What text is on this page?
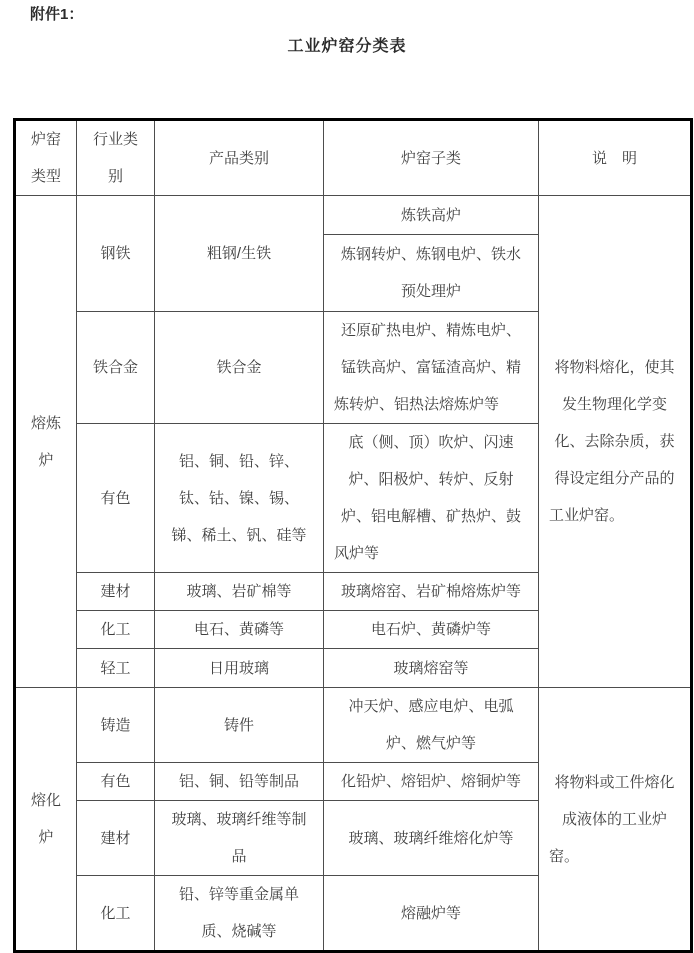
附件1：
工业炉窑分类表
炉窑类型	行业类别	产品类别	炉窑子类	说　明
熔炼炉	钢铁	粗钢/生铁	炼铁高炉	将物料熔化，使其发生物理化学变化、去除杂质，获得设定组分产品的工业炉窑。
			炼钢转炉、炼钢电炉、铁水预处理炉	
	铁合金	铁合金	还原矿热电炉、精炼电炉、锰铁高炉、富锰渣高炉、精炼转炉、铝热法熔炼炉等	
	有色	铝、铜、铅、锌、钛、钴、镍、锡、锑、稀土、钒、硅等	底（侧、顶）吹炉、闪速炉、阳极炉、转炉、反射炉、铝电解槽、矿热炉、鼓风炉等	
	建材	玻璃、岩矿棉等	玻璃熔窑、岩矿棉熔炼炉等	
	化工	电石、黄磷等	电石炉、黄磷炉等	
	轻工	日用玻璃	玻璃熔窑等	
熔化炉	铸造	铸件	冲天炉、感应电炉、电弧炉、燃气炉等	将物料或工件熔化成液体的工业炉窑。
	有色	铝、铜、铅等制品	化铅炉、熔铝炉、熔铜炉等	
	建材	玻璃、玻璃纤维等制品	玻璃、玻璃纤维熔化炉等	
	化工	铅、锌等重金属单质、烧碱等	熔融炉等	
